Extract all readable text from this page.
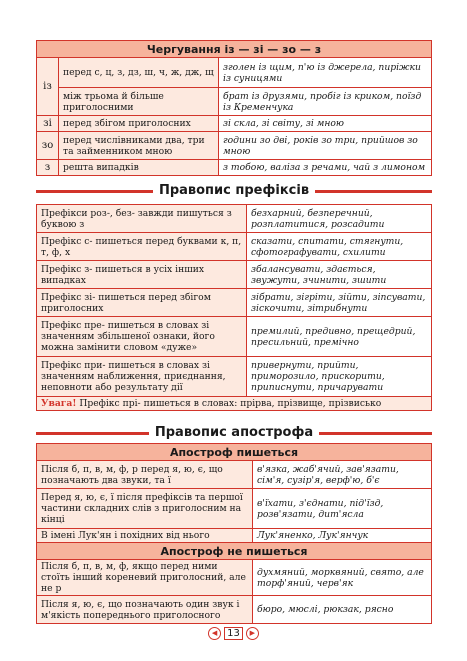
Чергування із — зі — зо — з		
із	перед с, ц, з, дз, ш, ч, ж, дж, щ	зголен із щим, п'ю із джерела, пиріжки із суницями
	між трьома й більше приголосними	брат із друзями, пробіг із криком, поїзд із Кременчука
зі	перед збігом приголосних	зі скла, зі світу, зі мною
зо	перед числівниками два, три та займенником мною	години зо дві, років зо три, прийшов зо мною
з	решта випадків	з тобою, валіза з речами, чай з лимоном
Правопис префіксів
Префікси роз-, без- завжди пишуться з буквою з	безхарний, безперечний, розплатитися, розсадити
Префікс с- пишеться перед буквами к, п, т, ф, х	сказати, спитати, стягнути, сфотографувати, схилити
Префікс з- пишеться в усіх інших випадках	збалансувати, здається, звужути, зчинити, зшити
Префікс зі- пишеться перед збігом приголосних	зібрати, зігріти, зійти, зіпсувати, зіскочити, зітрибнути
Префікс пре- пишеться в словах зі значенням збільшеної ознаки, його можна замінити словом «дуже»	премилий, предивно, прещедрий, пресильний, премічно
Префікс при- пишеться в словах зі значенням наближення, приєднання, неповноти або результату дії	привернути, прийти, приморозило, прискорити, приписнути, причарувати
Увага! Префікс прі- пишеться в словах: прірва, прізвище, прізвисько	
Правопис апострофа
Апостроф пишеться	
Після б, п, в, м, ф, р перед я, ю, є, що позначають два звуки, та ї	в'язка, жаб'ячий, зав'язати, сім'я, сузір'я, верф'ю, б'є
Перед я, ю, є, ї після префіксів та першої частини складних слів з приголосним на кінці	в'їхати, з'єднати, під'їзд, розв'язати, дит'ясла
В імені Лук'ян і похідних від нього	Лук'яненко, Лук'янчук
Апостроф не пишеться	
Після б, п, в, м, ф, якщо перед ними стоїть інший кореневий приголосний, але не р	духмяний, морквяний, свято, але торф'яний, черв'як
Після я, ю, є, що позначають один звук і м'якість попереднього приголосного	бюро, мюслі, рюкзак, рясно
◀ 13 ▶
